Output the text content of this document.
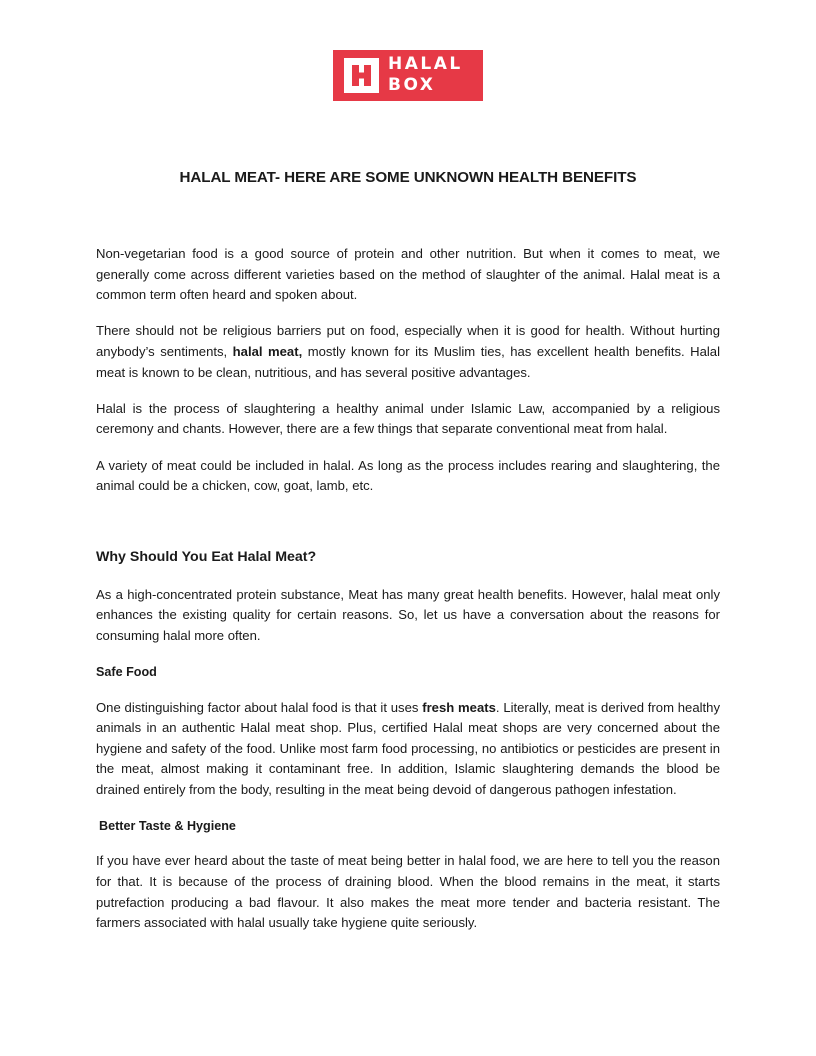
HALAL
BOX
HALAL MEAT- HERE ARE SOME UNKNOWN HEALTH BENEFITS

Non-vegetarian food is a good source of protein and other nutrition. But when it comes to meat, we generally come across different varieties based on the method of slaughter of the animal. Halal meat is a common term often heard and spoken about.

There should not be religious barriers put on food, especially when it is good for health. Without hurting anybody’s sentiments, halal meat, mostly known for its Muslim ties, has excellent health benefits. Halal meat is known to be clean, nutritious, and has several positive advantages.

Halal is the process of slaughtering a healthy animal under Islamic Law, accompanied by a religious ceremony and chants. However, there are a few things that separate conventional meat from halal.

A variety of meat could be included in halal. As long as the process includes rearing and slaughtering, the animal could be a chicken, cow, goat, lamb, etc.

Why Should You Eat Halal Meat?

As a high-concentrated protein substance, Meat has many great health benefits. However, halal meat only enhances the existing quality for certain reasons. So, let us have a conversation about the reasons for consuming halal more often.

Safe Food

One distinguishing factor about halal food is that it uses fresh meats. Literally, meat is derived from healthy animals in an authentic Halal meat shop. Plus, certified Halal meat shops are very concerned about the hygiene and safety of the food. Unlike most farm food processing, no antibiotics or pesticides are present in the meat, almost making it contaminant free. In addition, Islamic slaughtering demands the blood be drained entirely from the body, resulting in the meat being devoid of dangerous pathogen infestation.

Better Taste & Hygiene

If you have ever heard about the taste of meat being better in halal food, we are here to tell you the reason for that. It is because of the process of draining blood. When the blood remains in the meat, it starts putrefaction producing a bad flavour. It also makes the meat more tender and bacteria resistant. The farmers associated with halal usually take hygiene quite seriously.
